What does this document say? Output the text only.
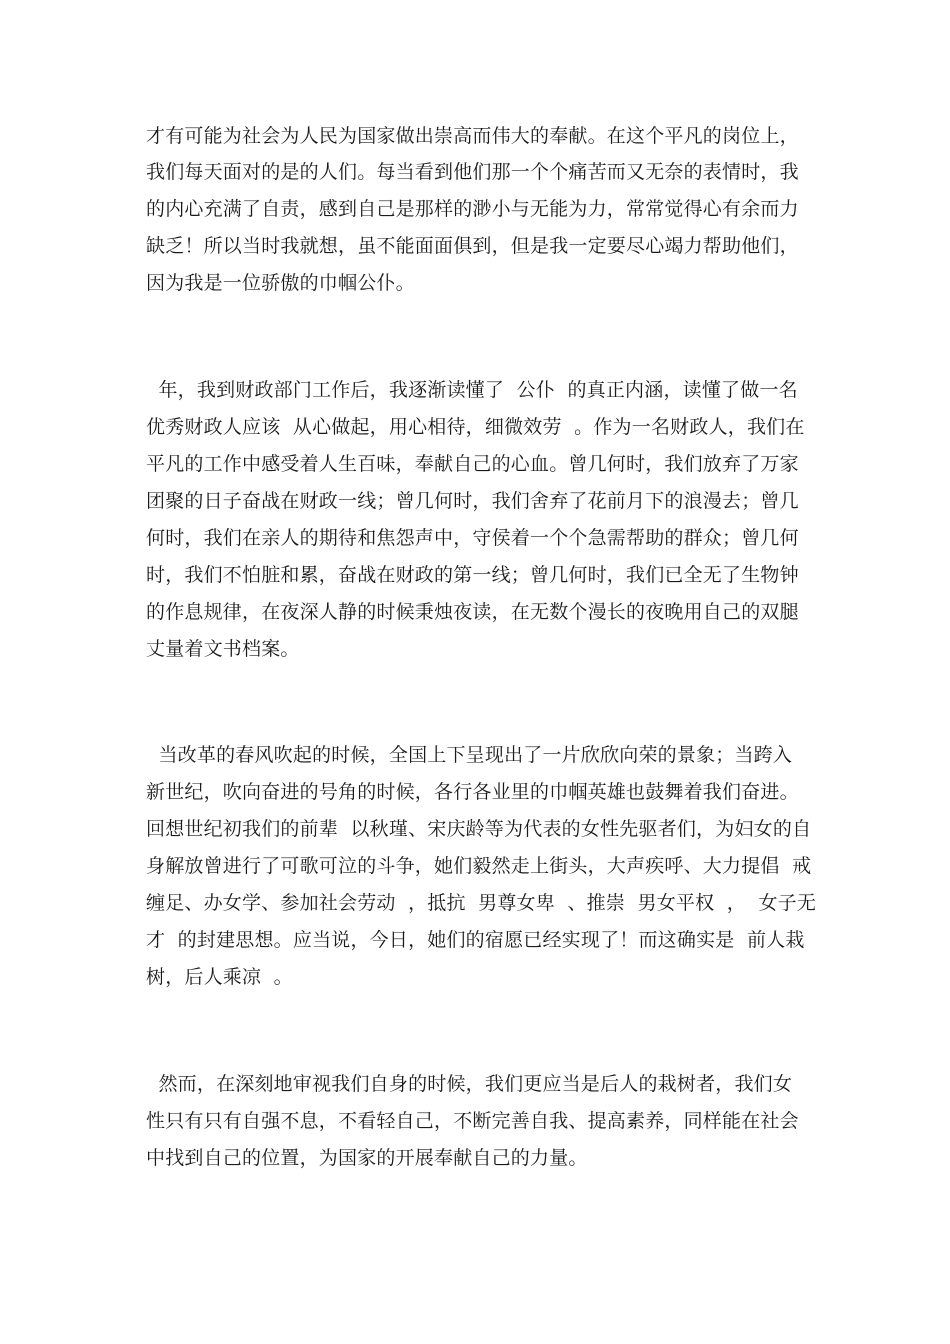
才有可能为社会为人民为国家做出崇高而伟大的奉献。在这个平凡的岗位上，

我们每天面对的是的人们。每当看到他们那一个个痛苦而又无奈的表情时，我

的内心充满了自责，感到自己是那样的渺小与无能为力，常常觉得心有余而力

缺乏！所以当时我就想，虽不能面面俱到，但是我一定要尽心竭力帮助他们，

因为我是一位骄傲的巾帼公仆。

年，我到财政部门工作后，我逐渐读懂了  公仆  的真正内涵，读懂了做一名

优秀财政人应该  从心做起，用心相待，细微效劳  。作为一名财政人，我们在

平凡的工作中感受着人生百味，奉献自己的心血。曾几何时，我们放弃了万家

团聚的日子奋战在财政一线；曾几何时，我们舍弃了花前月下的浪漫去；曾几

何时，我们在亲人的期待和焦怨声中，守侯着一个个急需帮助的群众；曾几何

时，我们不怕脏和累，奋战在财政的第一线；曾几何时，我们已全无了生物钟

的作息规律，在夜深人静的时候秉烛夜读，在无数个漫长的夜晚用自己的双腿

丈量着文书档案。

当改革的春风吹起的时候，全国上下呈现出了一片欣欣向荣的景象；当跨入

新世纪，吹向奋进的号角的时候，各行各业里的巾帼英雄也鼓舞着我们奋进。

回想世纪初我们的前辈  以秋瑾、宋庆龄等为代表的女性先驱者们，为妇女的自

身解放曾进行了可歌可泣的斗争，她们毅然走上街头，大声疾呼、大力提倡  戒

缠足、办女学、参加社会劳动  ，抵抗  男尊女卑  、推崇  男女平权  ，  女子无

才  的封建思想。应当说，今日，她们的宿愿已经实现了！而这确实是  前人栽

树，后人乘凉  。

然而，在深刻地审视我们自身的时候，我们更应当是后人的栽树者，我们女

性只有只有自强不息，不看轻自己，不断完善自我、提高素养，同样能在社会

中找到自己的位置，为国家的开展奉献自己的力量。
